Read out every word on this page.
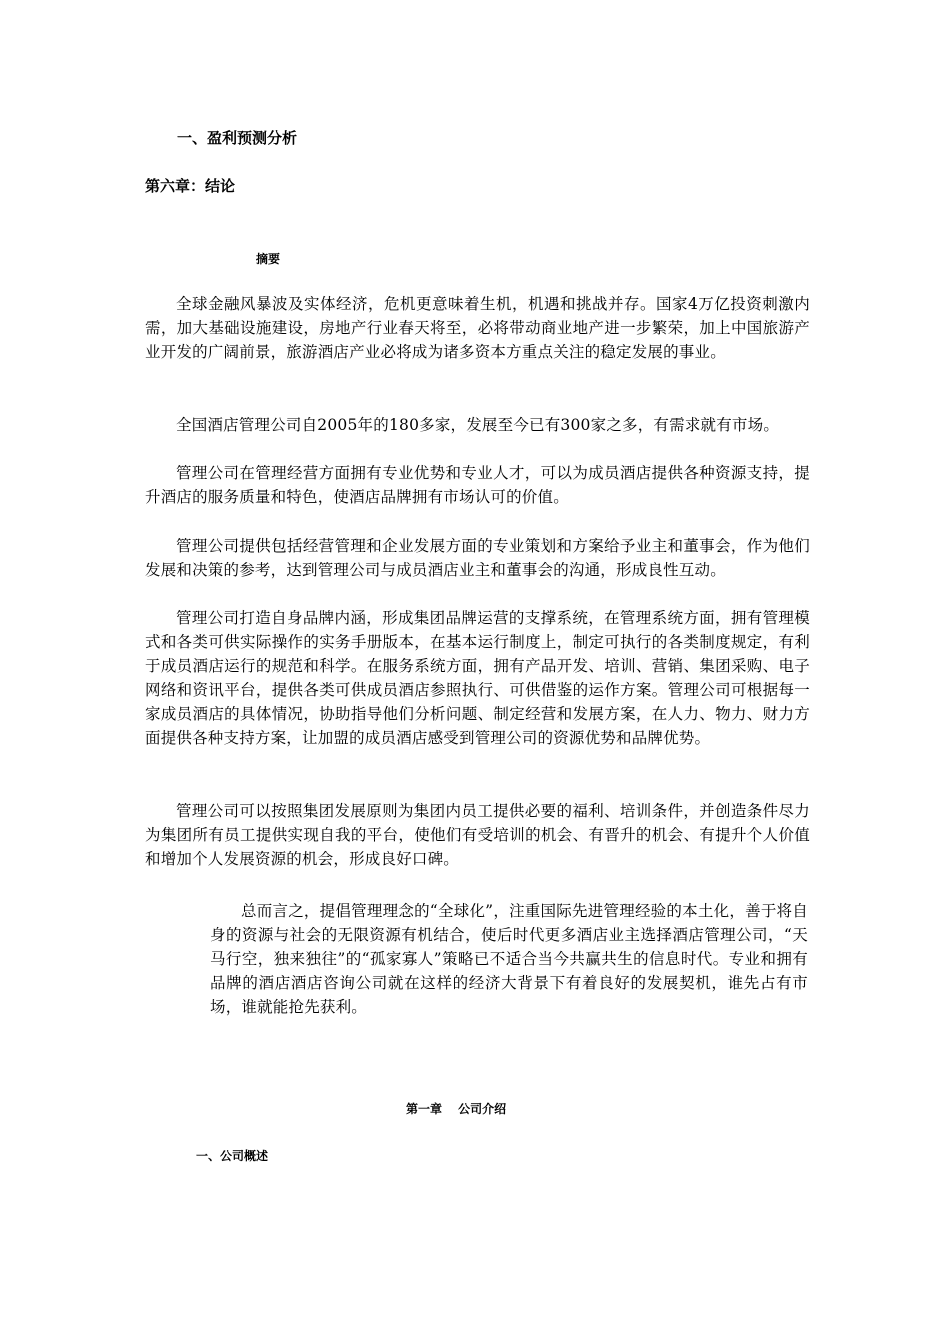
一、盈利预测分析
第六章：结论
摘要

全球金融风暴波及实体经济，危机更意味着生机，机遇和挑战并存。国家4万亿投资刺激内需，加大基础设施建设，房地产行业春天将至，必将带动商业地产进一步繁荣，加上中国旅游产业开发的广阔前景，旅游酒店产业必将成为诸多资本方重点关注的稳定发展的事业。

全国酒店管理公司自2005年的180多家，发展至今已有300家之多，有需求就有市场。

管理公司在管理经营方面拥有专业优势和专业人才，可以为成员酒店提供各种资源支持，提升酒店的服务质量和特色，使酒店品牌拥有市场认可的价值。

管理公司提供包括经营管理和企业发展方面的专业策划和方案给予业主和董事会，作为他们发展和决策的参考，达到管理公司与成员酒店业主和董事会的沟通，形成良性互动。

管理公司打造自身品牌内涵，形成集团品牌运营的支撑系统，在管理系统方面，拥有管理模式和各类可供实际操作的实务手册版本，在基本运行制度上，制定可执行的各类制度规定，有利于成员酒店运行的规范和科学。在服务系统方面，拥有产品开发、培训、营销、集团采购、电子网络和资讯平台，提供各类可供成员酒店参照执行、可供借鉴的运作方案。管理公司可根据每一家成员酒店的具体情况，协助指导他们分析问题、制定经营和发展方案，在人力、物力、财力方面提供各种支持方案，让加盟的成员酒店感受到管理公司的资源优势和品牌优势。

管理公司可以按照集团发展原则为集团内员工提供必要的福利、培训条件，并创造条件尽力为集团所有员工提供实现自我的平台，使他们有受培训的机会、有晋升的机会、有提升个人价值和增加个人发展资源的机会，形成良好口碑。

总而言之，提倡管理理念的“全球化”，注重国际先进管理经验的本土化，善于将自身的资源与社会的无限资源有机结合，使后时代更多酒店业主选择酒店管理公司，“天马行空，独来独往”的“孤家寡人”策略已不适合当今共赢共生的信息时代。专业和拥有品牌的酒店酒店咨询公司就在这样的经济大背景下有着良好的发展契机，谁先占有市场，谁就能抢先获利。

第一章　 公司介绍
一、公司概述
